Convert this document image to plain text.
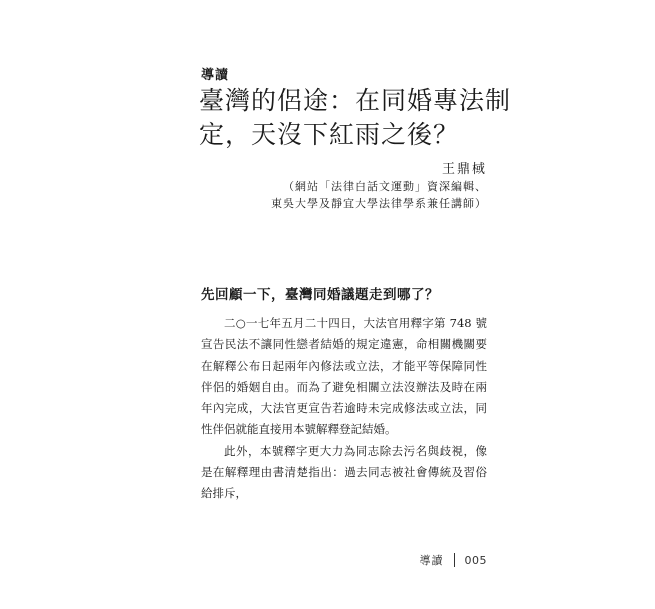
導讀
臺灣的侶途：在同婚專法制定，天沒下紅雨之後？
王鼎棫
（網站「法律白話文運動」資深編輯、
東吳大學及靜宜大學法律學系兼任講師）
先回顧一下，臺灣同婚議題走到哪了？

二○一七年五月二十四日，大法官用釋字第 748 號宣告民法不讓同性戀者結婚的規定違憲，命相關機關要在解釋公布日起兩年內修法或立法，才能平等保障同性伴侶的婚姻自由。而為了避免相關立法沒辦法及時在兩年內完成，大法官更宣告若逾時未完成修法或立法，同性伴侶就能直接用本號解釋登記結婚。

此外，本號釋字更大力為同志除去污名與歧視，像是在解釋理由書清楚指出：過去同志被社會傳統及習俗給排斥，

導讀 005
